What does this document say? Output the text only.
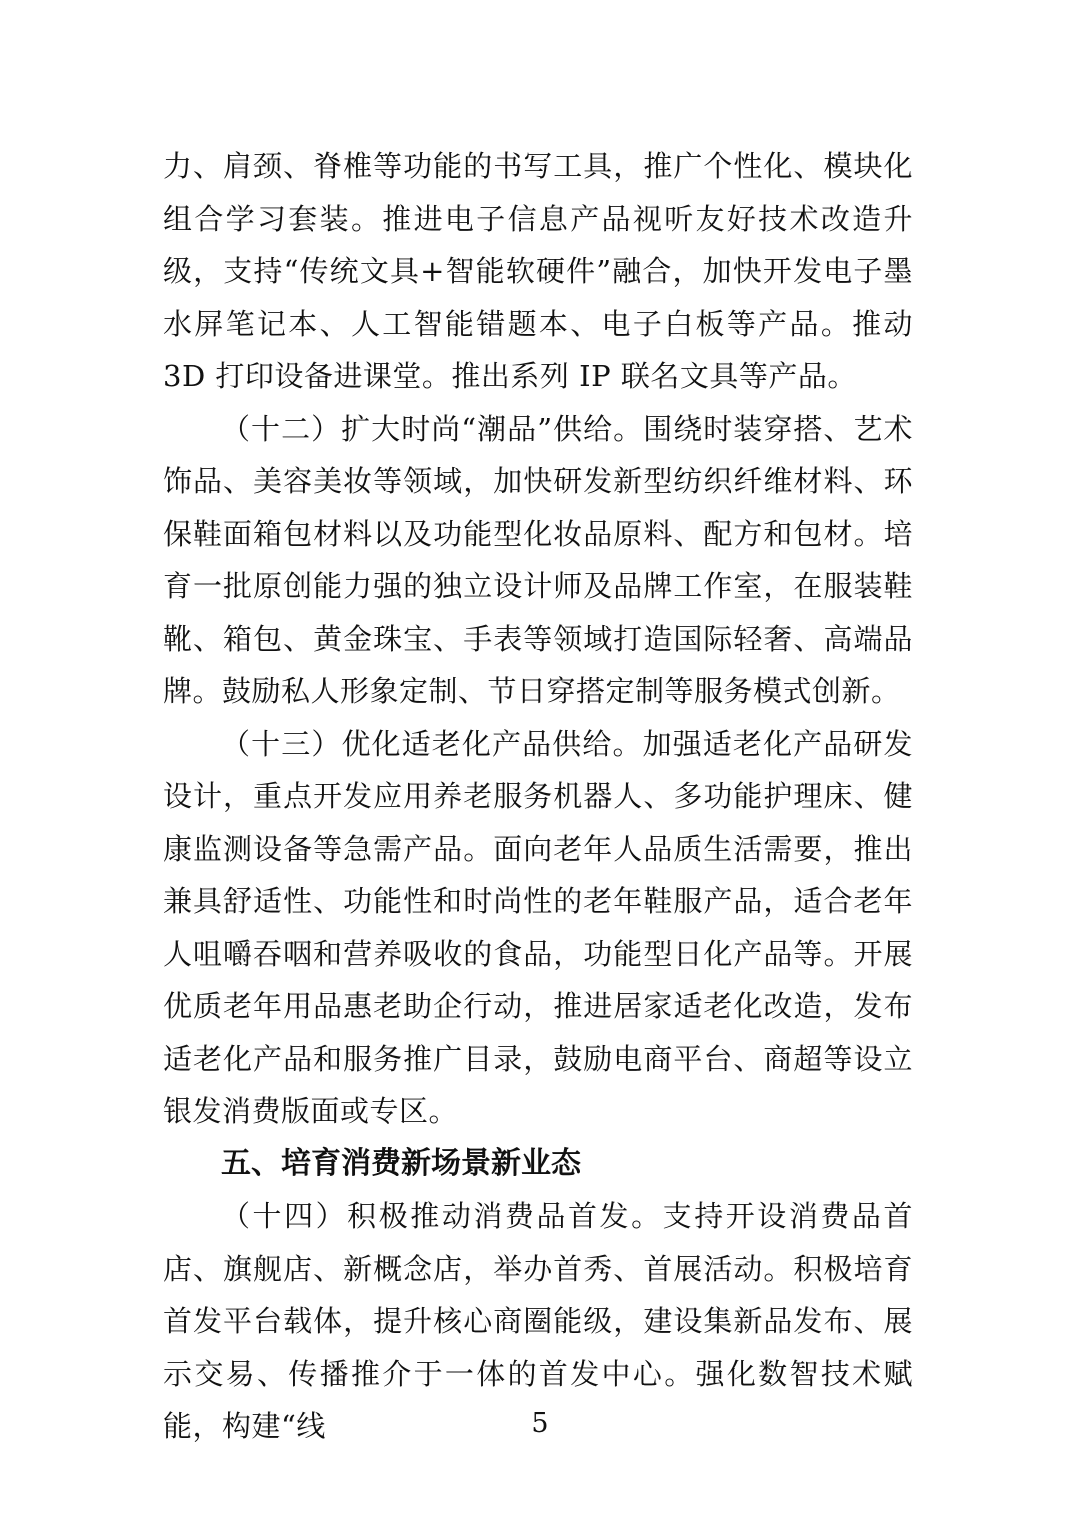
力、肩颈、脊椎等功能的书写工具，推广个性化、模块化组合学习套装。推进电子信息产品视听友好技术改造升级，支持“传统文具+智能软硬件”融合，加快开发电子墨水屏笔记本、人工智能错题本、电子白板等产品。推动 3D 打印设备进课堂。推出系列 IP 联名文具等产品。

（十二）扩大时尚“潮品”供给。围绕时装穿搭、艺术饰品、美容美妆等领域，加快研发新型纺织纤维材料、环保鞋面箱包材料以及功能型化妆品原料、配方和包材。培育一批原创能力强的独立设计师及品牌工作室，在服装鞋靴、箱包、黄金珠宝、手表等领域打造国际轻奢、高端品牌。鼓励私人形象定制、节日穿搭定制等服务模式创新。

（十三）优化适老化产品供给。加强适老化产品研发设计，重点开发应用养老服务机器人、多功能护理床、健康监测设备等急需产品。面向老年人品质生活需要，推出兼具舒适性、功能性和时尚性的老年鞋服产品，适合老年人咀嚼吞咽和营养吸收的食品，功能型日化产品等。开展优质老年用品惠老助企行动，推进居家适老化改造，发布适老化产品和服务推广目录，鼓励电商平台、商超等设立银发消费版面或专区。

五、培育消费新场景新业态

（十四）积极推动消费品首发。支持开设消费品首店、旗舰店、新概念店，举办首秀、首展活动。积极培育首发平台载体，提升核心商圈能级，建设集新品发布、展示交易、传播推介于一体的首发中心。强化数智技术赋能，构建“线	5
